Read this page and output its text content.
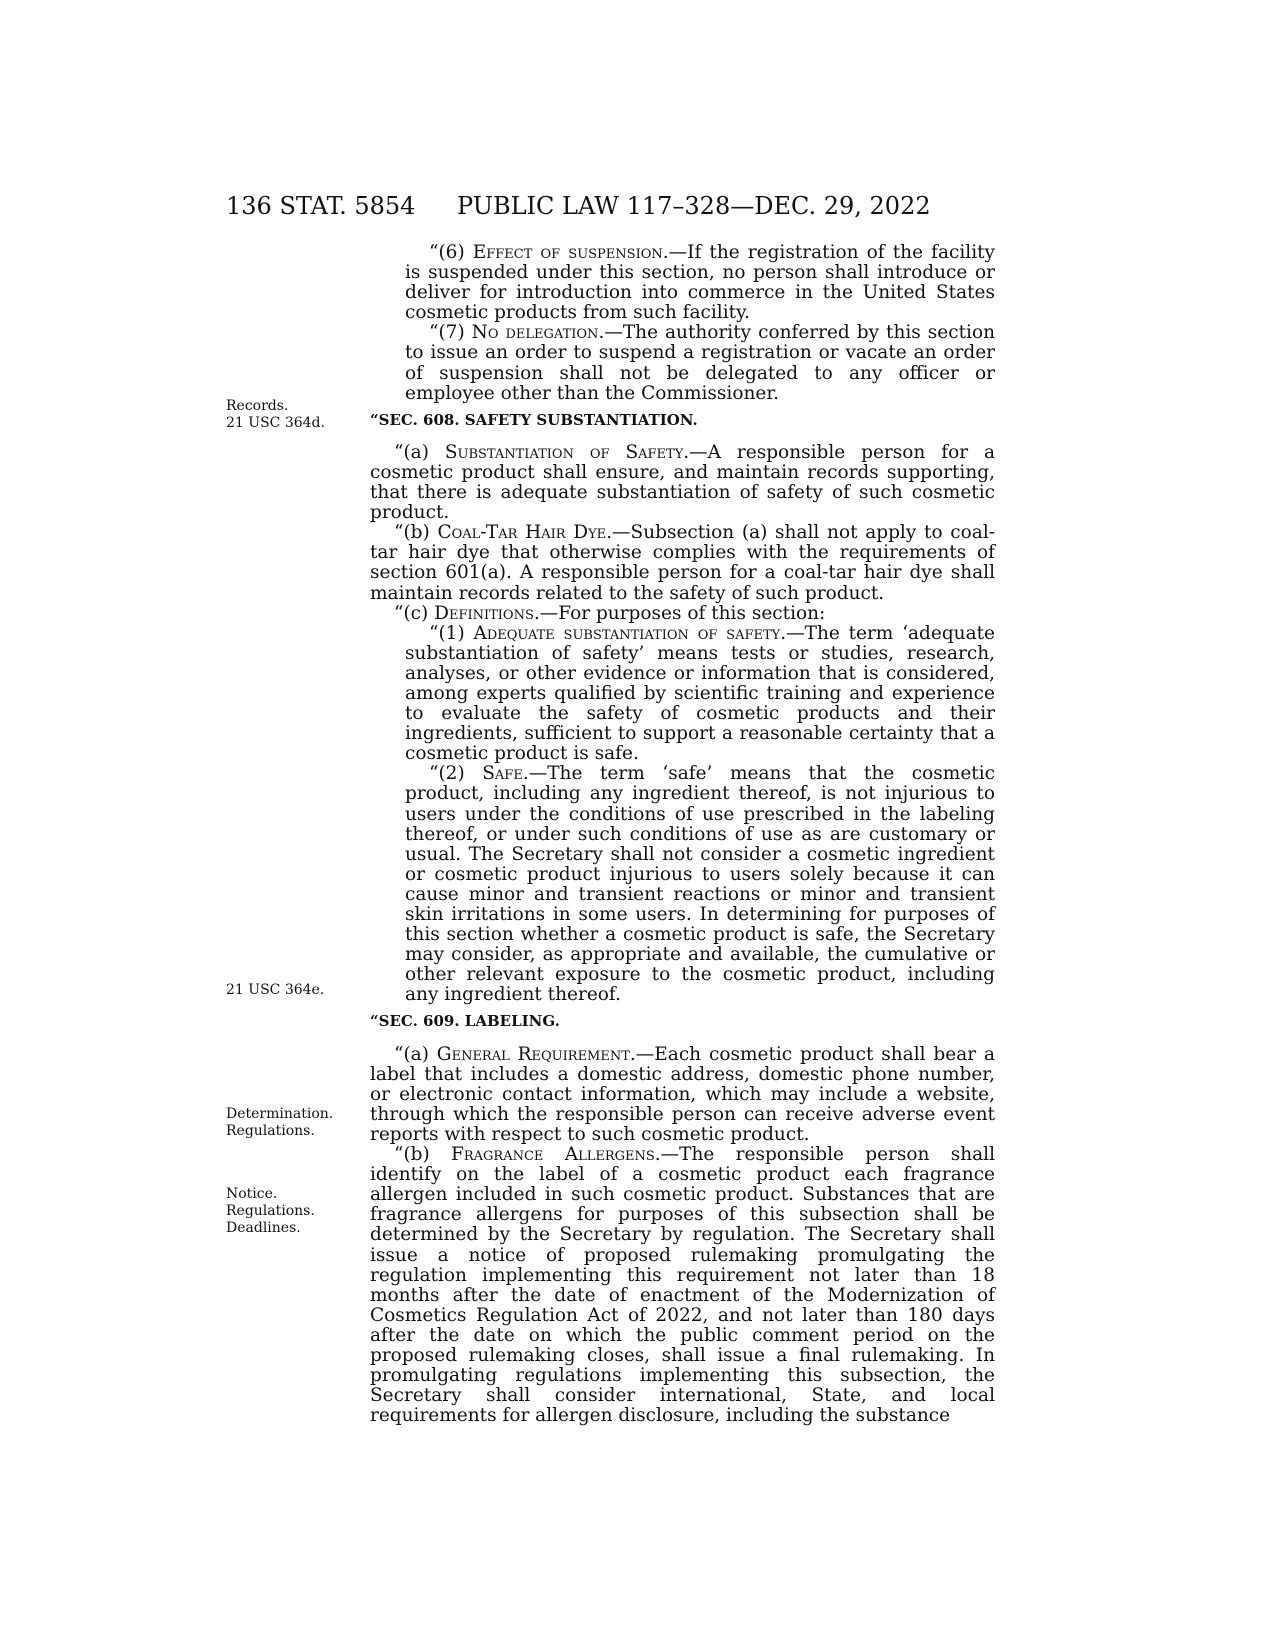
136 STAT. 5854 PUBLIC LAW 117–328—DEC. 29, 2022
Records.
21 USC 364d.
21 USC 364e.
Determination.
Regulations.
Notice.
Regulations.
Deadlines.

“(6) Effect of suspension.—If the registration of the facility is suspended under this section, no person shall introduce or deliver for introduction into commerce in the United States cosmetic products from such facility.

“(7) No delegation.—The authority conferred by this section to issue an order to suspend a registration or vacate an order of suspension shall not be delegated to any officer or employee other than the Commissioner.

“SEC. 608. SAFETY SUBSTANTIATION.

“(a) Substantiation of Safety.—A responsible person for a cosmetic product shall ensure, and maintain records supporting, that there is adequate substantiation of safety of such cosmetic product.

“(b) Coal-Tar Hair Dye.—Subsection (a) shall not apply to coal-tar hair dye that otherwise complies with the requirements of section 601(a). A responsible person for a coal-tar hair dye shall maintain records related to the safety of such product.

“(c) Definitions.—For purposes of this section:

“(1) Adequate substantiation of safety.—The term ‘adequate substantiation of safety’ means tests or studies, research, analyses, or other evidence or information that is considered, among experts qualified by scientific training and experience to evaluate the safety of cosmetic products and their ingredients, sufficient to support a reasonable certainty that a cosmetic product is safe.

“(2) Safe.—The term ‘safe’ means that the cosmetic product, including any ingredient thereof, is not injurious to users under the conditions of use prescribed in the labeling thereof, or under such conditions of use as are customary or usual. The Secretary shall not consider a cosmetic ingredient or cosmetic product injurious to users solely because it can cause minor and transient reactions or minor and transient skin irritations in some users. In determining for purposes of this section whether a cosmetic product is safe, the Secretary may consider, as appropriate and available, the cumulative or other relevant exposure to the cosmetic product, including any ingredient thereof.

“SEC. 609. LABELING.

“(a) General Requirement.—Each cosmetic product shall bear a label that includes a domestic address, domestic phone number, or electronic contact information, which may include a website, through which the responsible person can receive adverse event reports with respect to such cosmetic product.

“(b) Fragrance Allergens.—The responsible person shall identify on the label of a cosmetic product each fragrance allergen included in such cosmetic product. Substances that are fragrance allergens for purposes of this subsection shall be determined by the Secretary by regulation. The Secretary shall issue a notice of proposed rulemaking promulgating the regulation implementing this requirement not later than 18 months after the date of enactment of the Modernization of Cosmetics Regulation Act of 2022, and not later than 180 days after the date on which the public comment period on the proposed rulemaking closes, shall issue a final rulemaking. In promulgating regulations implementing this subsection, the Secretary shall consider international, State, and local requirements for allergen disclosure, including the substance
